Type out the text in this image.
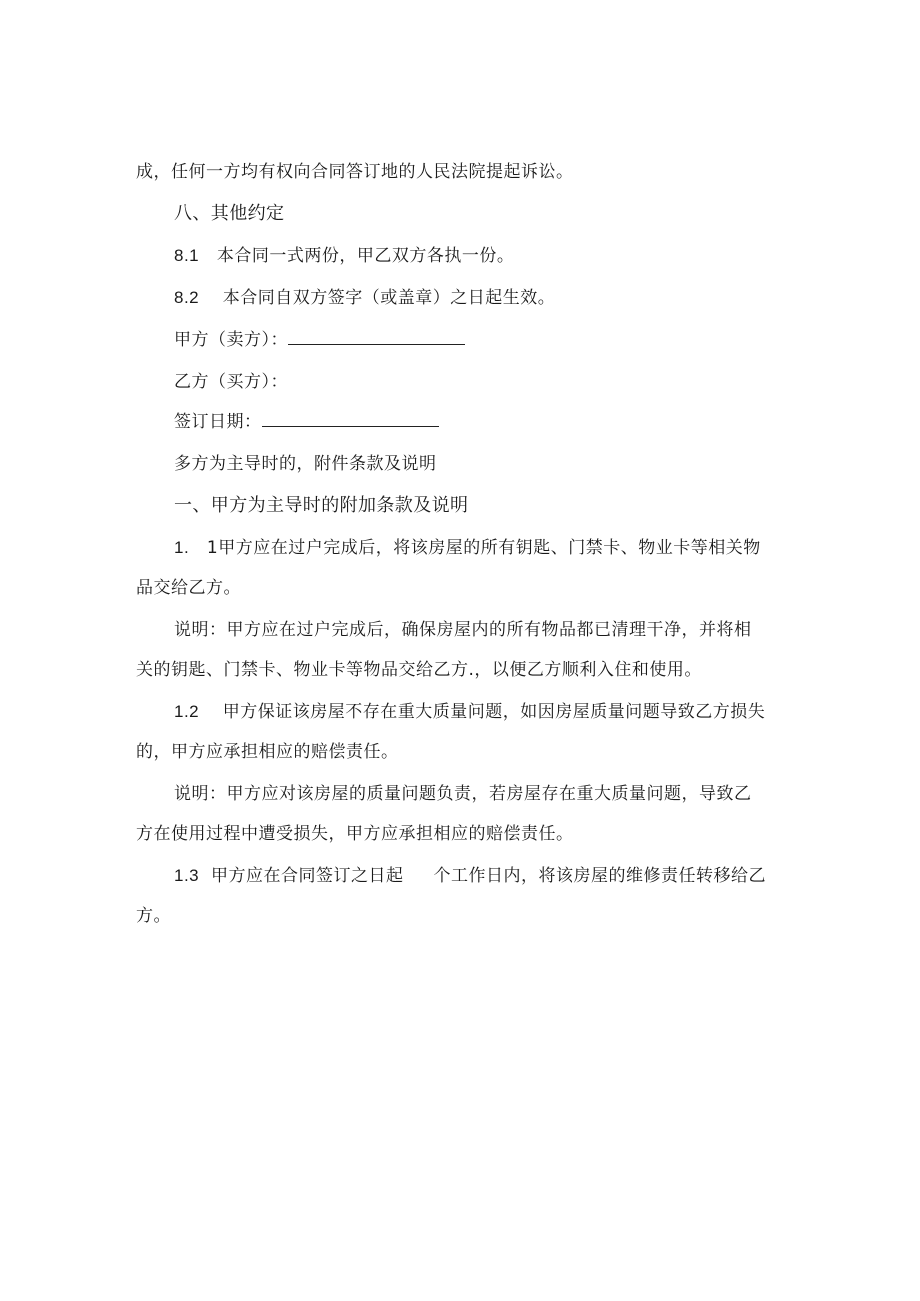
成，任何一方均有权向合同答订地的人民法院提起诉讼。
八、其他约定
8.1 本合同一式两份，甲乙双方各执一份。
8.2 本合同自双方签字（或盖章）之日起生效。
甲方（卖方）：
乙方（买方）：
签订日期：
多方为主导时的，附件条款及说明
一、甲方为主导时的附加条款及说明
1. 1甲方应在过户完成后，将该房屋的所有钥匙、门禁卡、物业卡等相关物
品交给乙方。
说明：甲方应在过户完成后，确保房屋内的所有物品都已清理干净，并将相
关的钥匙、门禁卡、物业卡等物品交给乙方.，以便乙方顺利入住和使用。
1.2 甲方保证该房屋不存在重大质量问题，如因房屋质量问题导致乙方损失
的，甲方应承担相应的赔偿责任。
说明：甲方应对该房屋的质量问题负责，若房屋存在重大质量问题，导致乙
方在使用过程中遭受损失，甲方应承担相应的赔偿责任。
1.3 甲方应在合同签订之日起 个工作日内，将该房屋的维修责任转移给乙
方。
